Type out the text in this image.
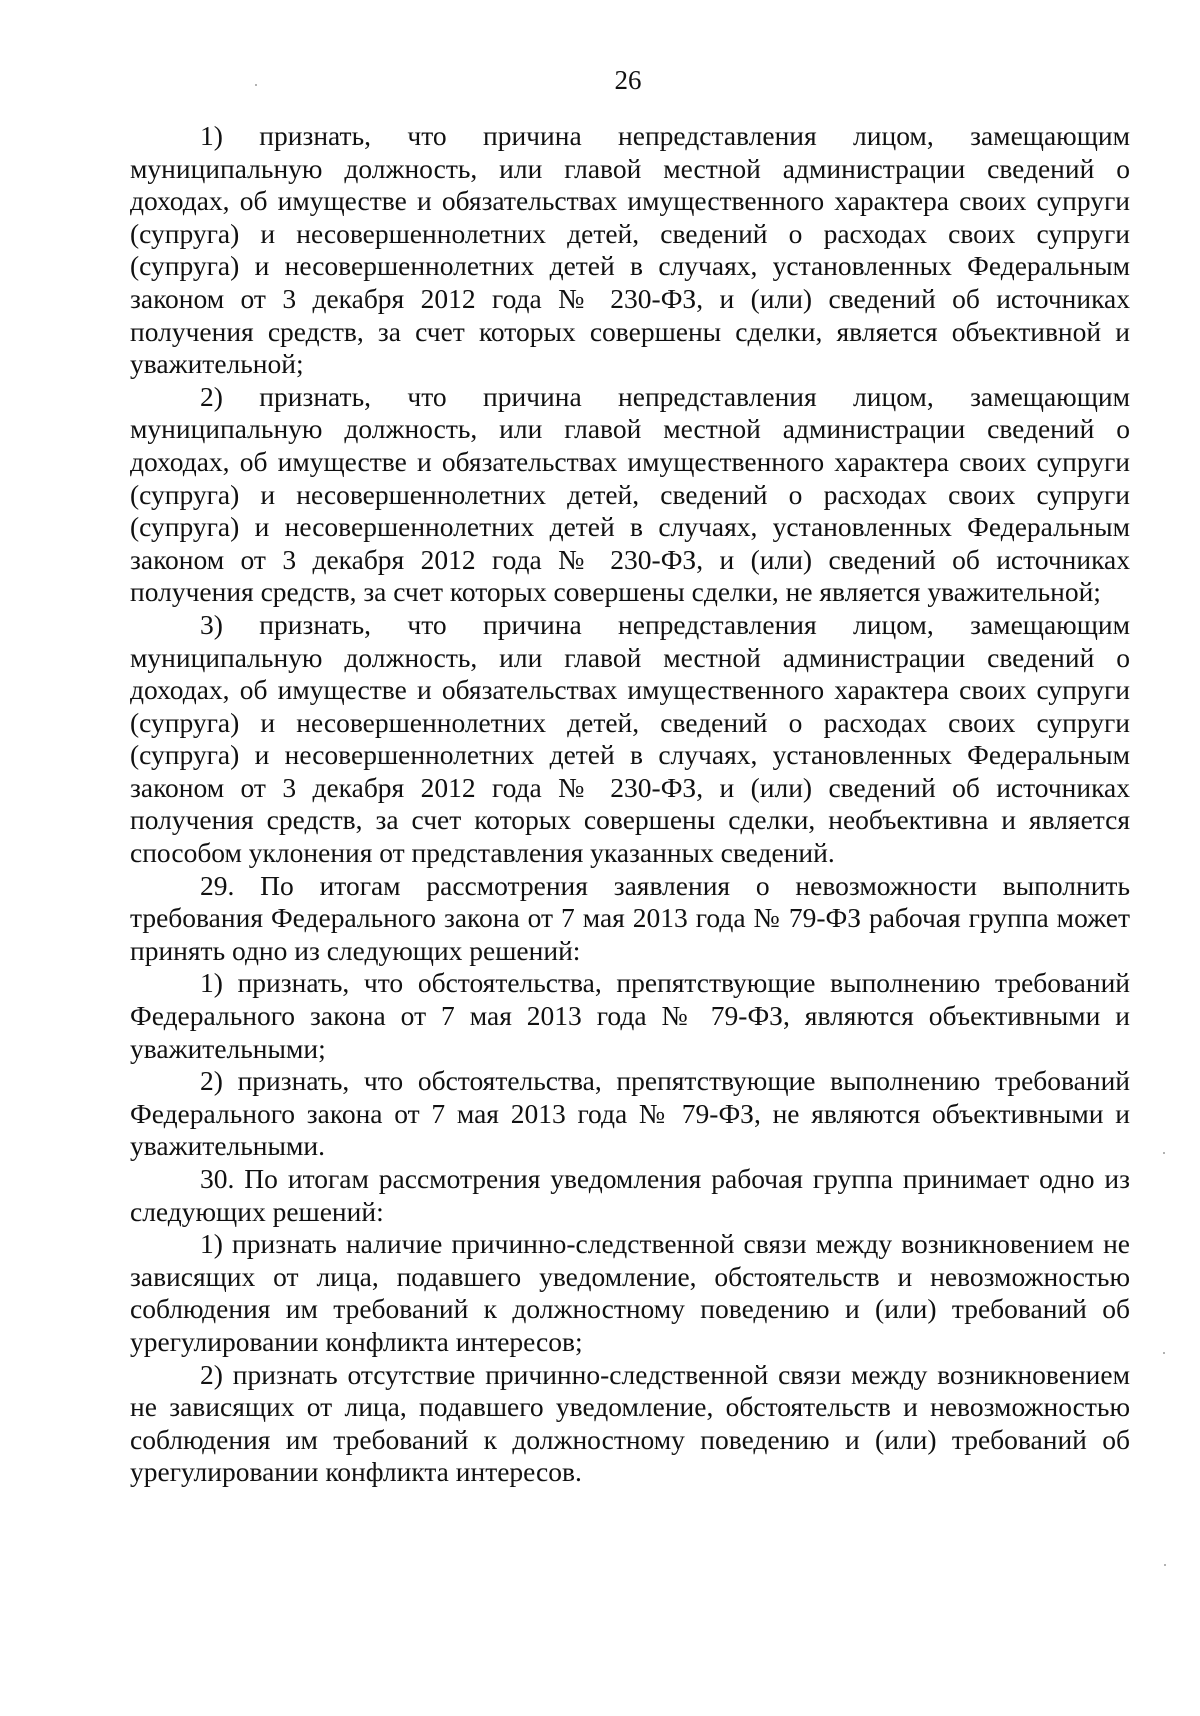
26

1) признать, что причина непредставления лицом, замещающим муниципальную должность, или главой местной администрации сведений о доходах, об имуществе и обязательствах имущественного характера своих супруги (супруга) и несовершеннолетних детей, сведений о расходах своих супруги (супруга) и несовершеннолетних детей в случаях, установленных Федеральным законом от 3 декабря 2012 года № 230-ФЗ, и (или) сведений об источниках получения средств, за счет которых совершены сделки, является объективной и уважительной;

2) признать, что причина непредставления лицом, замещающим муниципальную должность, или главой местной администрации сведений о доходах, об имуществе и обязательствах имущественного характера своих супруги (супруга) и несовершеннолетних детей, сведений о расходах своих супруги (супруга) и несовершеннолетних детей в случаях, установленных Федеральным законом от 3 декабря 2012 года № 230-ФЗ, и (или) сведений об источниках получения средств, за счет которых совершены сделки, не является уважительной;

3) признать, что причина непредставления лицом, замещающим муниципальную должность, или главой местной администрации сведений о доходах, об имуществе и обязательствах имущественного характера своих супруги (супруга) и несовершеннолетних детей, сведений о расходах своих супруги (супруга) и несовершеннолетних детей в случаях, установленных Федеральным законом от 3 декабря 2012 года № 230-ФЗ, и (или) сведений об источниках получения средств, за счет которых совершены сделки, необъективна и является способом уклонения от представления указанных сведений.

29. По итогам рассмотрения заявления о невозможности выполнить требования Федерального закона от 7 мая 2013 года № 79-ФЗ рабочая группа может принять одно из следующих решений:

1) признать, что обстоятельства, препятствующие выполнению требований Федерального закона от 7 мая 2013 года № 79-ФЗ, являются объективными и уважительными;

2) признать, что обстоятельства, препятствующие выполнению требований Федерального закона от 7 мая 2013 года № 79-ФЗ, не являются объективными и уважительными.

30. По итогам рассмотрения уведомления рабочая группа принимает одно из следующих решений:

1) признать наличие причинно-следственной связи между возникновением не зависящих от лица, подавшего уведомление, обстоятельств и невозможностью соблюдения им требований к должностному поведению и (или) требований об урегулировании конфликта интересов;

2) признать отсутствие причинно-следственной связи между возникновением не зависящих от лица, подавшего уведомление, обстоятельств и невозможностью соблюдения им требований к должностному поведению и (или) требований об урегулировании конфликта интересов.
